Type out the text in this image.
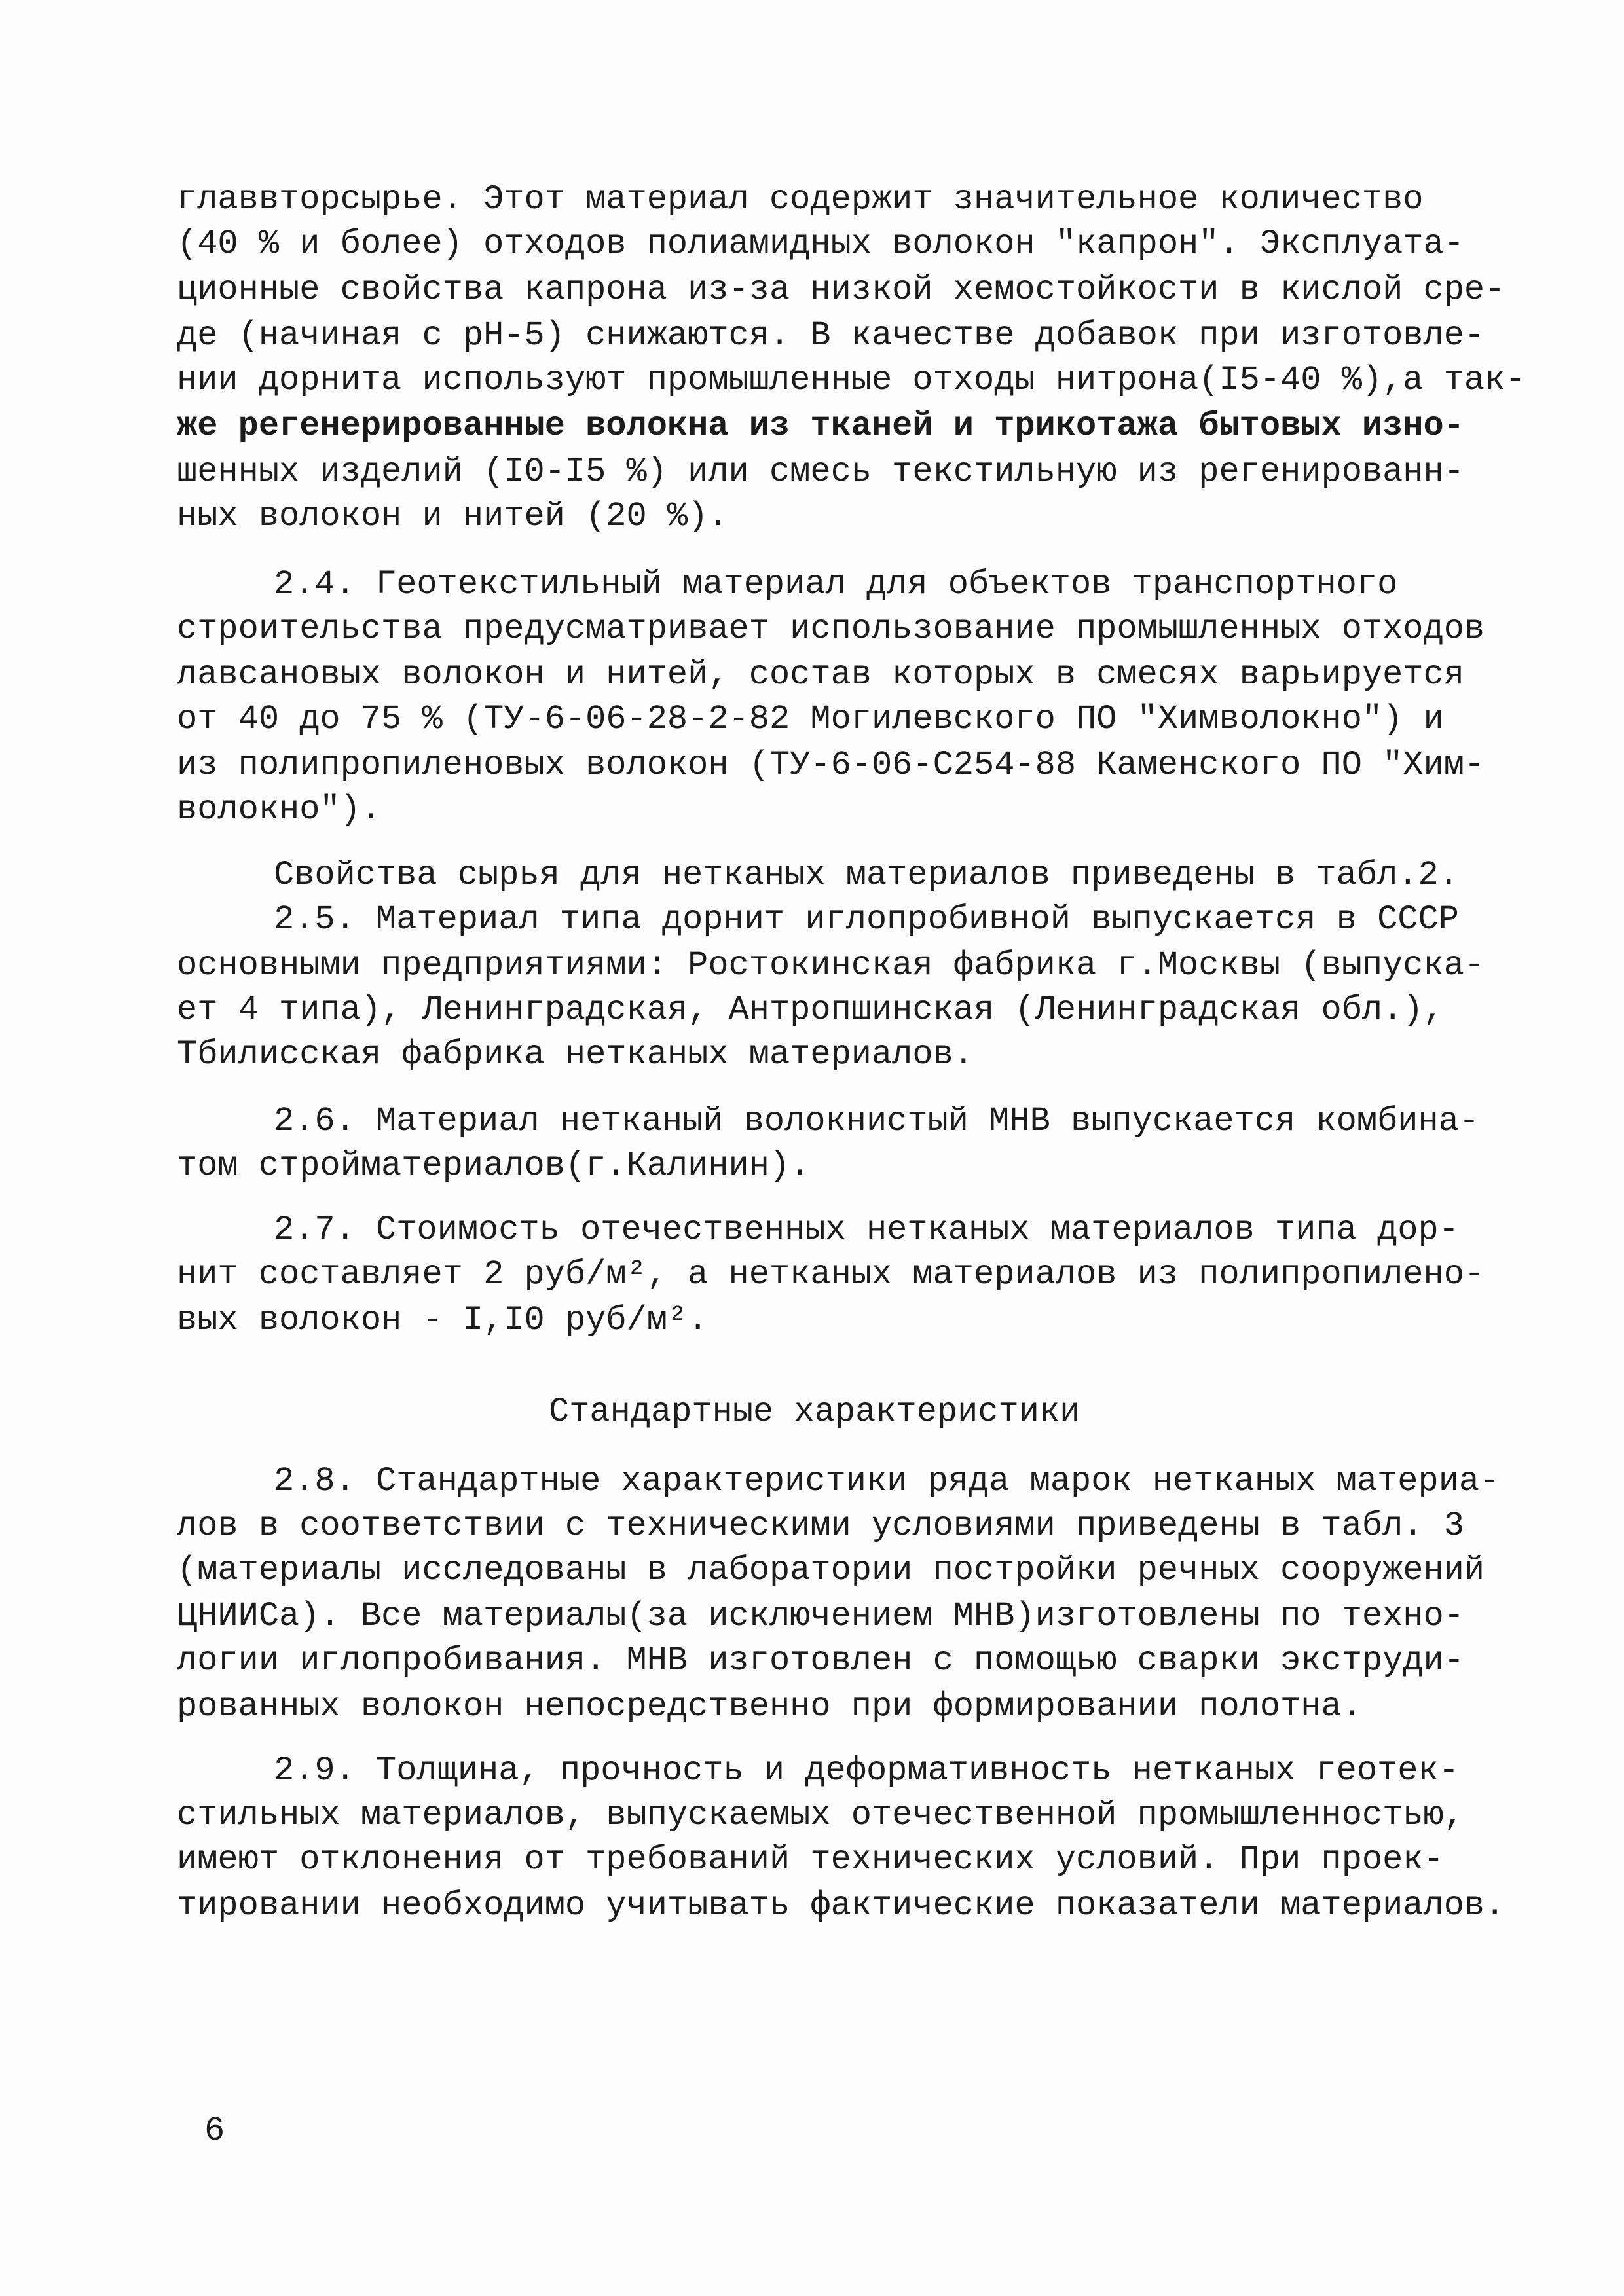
главвторсырье. Этот материал содержит значительное количество
(40 % и более) отходов полиамидных волокон "капрон". Эксплуата-
ционные свойства капрона из-за низкой хемостойкости в кислой сре-
де (начиная с рН-5) снижаются. В качестве добавок при изготовле-
нии дорнита используют промышленные отходы нитрона(I5-40 %),а так-
же регенерированные волокна из тканей и трикотажа бытовых изно-
шенных изделий (I0-I5 %) или смесь текстильную из регенированн-
ных волокон и нитей (20 %).
2.4. Геотекстильный материал для объектов транспортного
строительства предусматривает использование промышленных отходов
лавсановых волокон и нитей, состав которых в смесях варьируется
от 40 до 75 % (ТУ-6-06-28-2-82 Могилевского ПО "Химволокно") и
из полипропиленовых волокон (ТУ-6-06-С254-88 Каменского ПО "Хим-
волокно").
Свойства сырья для нетканых материалов приведены в табл.2.
2.5. Материал типа дорнит иглопробивной выпускается в СССР
основными предприятиями: Ростокинская фабрика г.Москвы (выпуска-
ет 4 типа), Ленинградская, Антропшинская (Ленинградская обл.),
Тбилисская фабрика нетканых материалов.
2.6. Материал нетканый волокнистый МНВ выпускается комбина-
том стройматериалов(г.Калинин).
2.7. Стоимость отечественных нетканых материалов типа дор-
нит составляет 2 руб/м², а нетканых материалов из полипропилено-
вых волокон - I,I0 руб/м².
Стандартные характеристики
2.8. Стандартные характеристики ряда марок нетканых материа-
лов в соответствии с техническими условиями приведены в табл. 3
(материалы исследованы в лаборатории постройки речных сооружений
ЦНИИСа). Все материалы(за исключением МНВ)изготовлены по техно-
логии иглопробивания. МНВ изготовлен с помощью сварки экструди-
рованных волокон непосредственно при формировании полотна.
2.9. Толщина, прочность и деформативность нетканых геотек-
стильных материалов, выпускаемых отечественной промышленностью,
имеют отклонения от требований технических условий. При проек-
тировании необходимо учитывать фактические показатели материалов.
6
